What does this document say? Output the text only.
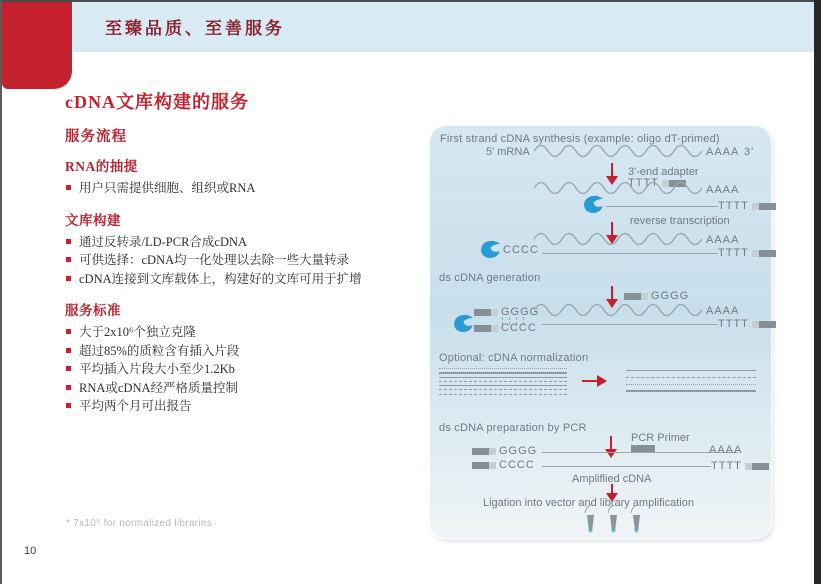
至臻品质、至善服务
cDNA文库构建的服务
服务流程
RNA的抽提
用户只需提供细胞、组织或RNA
文库构建
通过反转录/LD-PCR合成cDNA
可供选择：cDNA均一化处理以去除一些大量转录
cDNA连接到文库载体上，构建好的文库可用于扩增
服务标准
大于2x10⁶个独立克隆
超过85%的质粒含有插入片段
平均插入片段大小至少1.2Kb
RNA或cDNA经严格质量控制
平均两个月可出报告
* 7x10⁵ for normalized libraries
10
First strand cDNA synthesis (example: oligo dT-primed)
5' mRNA	AAAA 3'
3'-end adapter
TTTT
AAAA
TTTT
reverse transcription
CCCC
AAAA
TTTT
ds cDNA generation
GGGG
GGGG
CCCC
AAAA
TTTT
Optional: cDNA normalization
ds cDNA preparation by PCR
PCR Primer
GGGG	AAAA
CCCC	TTTT
Ampliflied cDNA
Ligation into vector and library amplification
